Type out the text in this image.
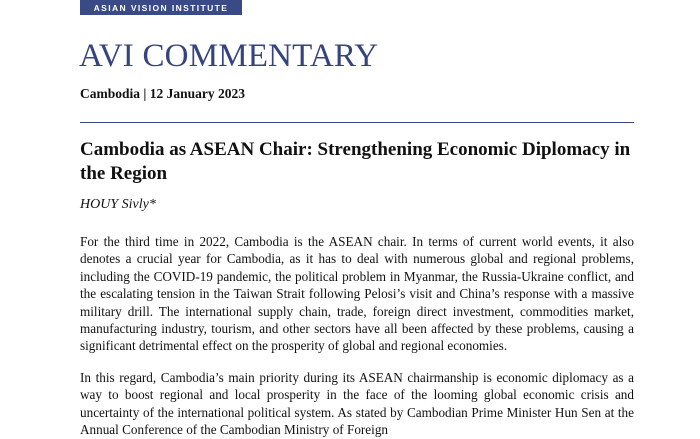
ASIAN VISION INSTITUTE
AVI COMMENTARY
Cambodia | 12 January 2023
Cambodia as ASEAN Chair: Strengthening Economic Diplomacy in the Region
HOUY Sivly*

For the third time in 2022, Cambodia is the ASEAN chair. In terms of current world events, it also denotes a crucial year for Cambodia, as it has to deal with numerous global and regional problems, including the COVID-19 pandemic, the political problem in Myanmar, the Russia-Ukraine conflict, and the escalating tension in the Taiwan Strait following Pelosi’s visit and China’s response with a massive military drill. The international supply chain, trade, foreign direct investment, commodities market, manufacturing industry, tourism, and other sectors have all been affected by these problems, causing a significant detrimental effect on the prosperity of global and regional economies.

In this regard, Cambodia’s main priority during its ASEAN chairmanship is economic diplomacy as a way to boost regional and local prosperity in the face of the looming global economic crisis and uncertainty of the international political system. As stated by Cambodian Prime Minister Hun Sen at the Annual Conference of the Cambodian Ministry of Foreign
